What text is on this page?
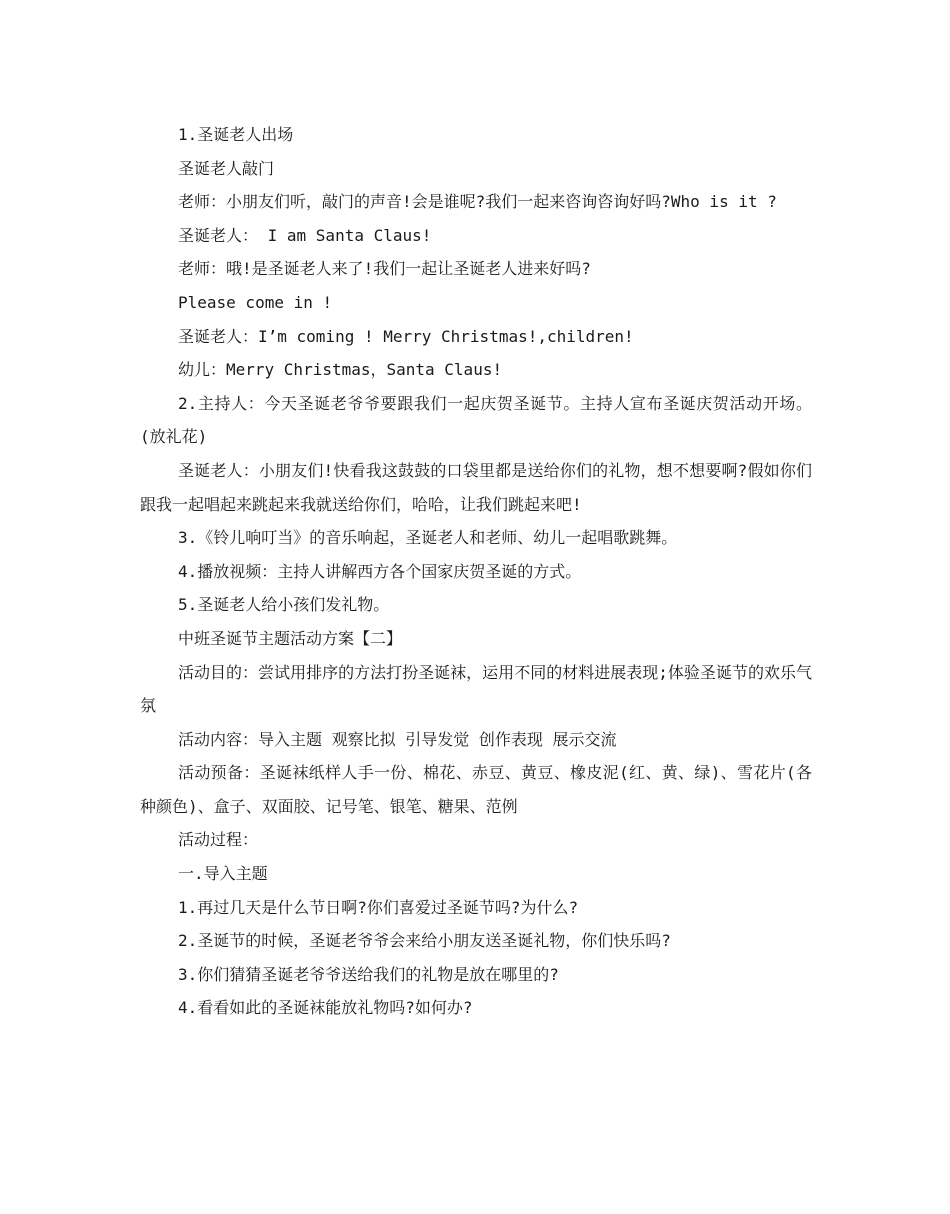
1.圣诞老人出场

圣诞老人敲门

老师：小朋友们听，敲门的声音!会是谁呢?我们一起来咨询咨询好吗?Who is it ?

圣诞老人： I am Santa Claus!

老师：哦!是圣诞老人来了!我们一起让圣诞老人进来好吗?

Please come in !

圣诞老人：I’m coming ! Merry Christmas!,children!

幼儿：Merry Christmas，Santa Claus!

2.主持人：今天圣诞老爷爷要跟我们一起庆贺圣诞节。主持人宣布圣诞庆贺活动开场。(放礼花)

圣诞老人：小朋友们!快看我这鼓鼓的口袋里都是送给你们的礼物，想不想要啊?假如你们跟我一起唱起来跳起来我就送给你们，哈哈，让我们跳起来吧!

3.《铃儿响叮当》的音乐响起，圣诞老人和老师、幼儿一起唱歌跳舞。

4.播放视频：主持人讲解西方各个国家庆贺圣诞的方式。

5.圣诞老人给小孩们发礼物。

中班圣诞节主题活动方案【二】

活动目的：尝试用排序的方法打扮圣诞袜，运用不同的材料进展表现;体验圣诞节的欢乐气氛

活动内容：导入主题 观察比拟 引导发觉 创作表现 展示交流

活动预备：圣诞袜纸样人手一份、棉花、赤豆、黄豆、橡皮泥(红、黄、绿)、雪花片(各种颜色)、盒子、双面胶、记号笔、银笔、糖果、范例

活动过程：

一.导入主题

1.再过几天是什么节日啊?你们喜爱过圣诞节吗?为什么?

2.圣诞节的时候，圣诞老爷爷会来给小朋友送圣诞礼物，你们快乐吗?

3.你们猜猜圣诞老爷爷送给我们的礼物是放在哪里的?

4.看看如此的圣诞袜能放礼物吗?如何办?
